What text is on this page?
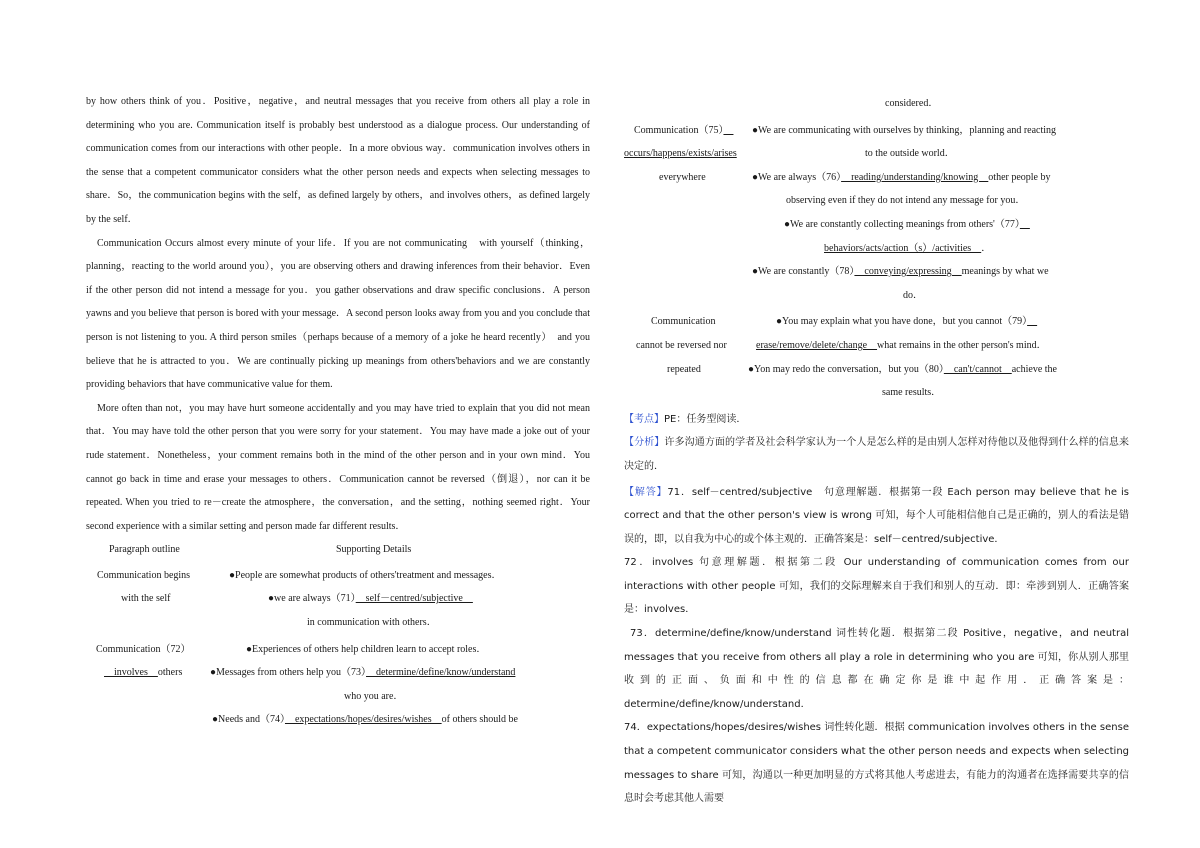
by how others think of you．Positive，negative，and neutral messages that you receive from others all play a role in determining who you are. Communication itself is probably best understood as a dialogue process. Our understanding of communication comes from our interactions with other people．In a more obvious way．communication involves others in the sense that a competent communicator considers what the other person needs and expects when selecting messages to share．So，the communication begins with the self，as defined largely by others，and involves others，as defined largely by the self．

Communication Occurs almost every minute of your life．If you are not communicating　with yourself（thinking，planning，reacting to the world around you），you are observing others and drawing inferences from their behavior．Even if the other person did not intend a message for you．you gather observations and draw specific conclusions．A person yawns and you believe that person is bored with your message．A second person looks away from you and you conclude that person is not listening to you. A third person smiles（perhaps because of a memory of a joke he heard recently）　and you believe that he is attracted to you．We are continually picking up meanings from others'behaviors and we are constantly providing behaviors that have communicative value for them.

More often than not，you may have hurt someone accidentally and you may have tried to explain that you did not mean that．You may have told the other person that you were sorry for your statement．You may have made a joke out of your rude statement．Nonetheless，your comment remains both in the mind of the other person and in your own mind．You cannot go back in time and erase your messages to others．Communication cannot be reversed（倒退），nor can it be repeated. When you tried to re－create the atmosphere，the conversation，and the setting，nothing seemed right．Your second experience with a similar setting and person made far different results．

Paragraph outline	Supporting Details
Communication begins	●People are somewhat products of others'treatment and messages．
with the self	●we are always（71）　self－centred/subjective　
in communication with others．
Communication（72）	●Experiences of others help children learn to accept roles．
　involves　others	●Messages from others help you（73）　determine/define/know/understand
who you are．
●Needs and（74）　expectations/hopes/desires/wishes　of others should be
considered．
Communication（75）　	●We are communicating with ourselves by thinking，planning and reacting
occurs/happens/exists/arises	to the outside world．
everywhere	●We are always（76）　reading/understanding/knowing　other people by
observing even if they do not intend any message for you．
●We are constantly collecting meanings from others'（77）　
behaviors/acts/action（s）/activities　．
●We are constantly（78）　conveying/expressing　meanings by what we
do．
Communication	●You may explain what you have done，but you cannot（79）　
cannot be reversed nor	erase/remove/delete/change　what remains in the other person's mind．
repeated	●Yon may redo the conversation，but you（80）　can't/cannot　achieve the
same results．
【考点】PE：任务型阅读．
【分析】许多沟通方面的学者及社会科学家认为一个人是怎么样的是由别人怎样对待他以及他得到什么样的信息来决定的．
【解答】71．self－centred/subjective　句意理解题．根据第一段 Each person may believe that he is correct and that the other person's view is wrong 可知，每个人可能相信他自己是正确的，别人的看法是错误的，即，以自我为中心的或个体主观的．正确答案是：self－centred/subjective．
72．involves 句意理解题．根据第二段 Our understanding of communication comes from our interactions with other people 可知，我们的交际理解来自于我们和别人的互动．即：牵涉到别人．正确答案是：involves．
73．determine/define/know/understand 词性转化题．根据第二段 Positive，negative，and neutral messages that you receive from others all play a role in determining who you are 可知，你从别人那里收到的正面、负面和中性的信息都在确定你是谁中起作用．正确答案是：determine/define/know/understand．
74．expectations/hopes/desires/wishes 词性转化题．根据 communication involves others in the sense that a competent communicator considers what the other person needs and expects when selecting messages to share 可知，沟通以一种更加明显的方式将其他人考虑进去，有能力的沟通者在选择需要共享的信息时会考虑其他人需要
